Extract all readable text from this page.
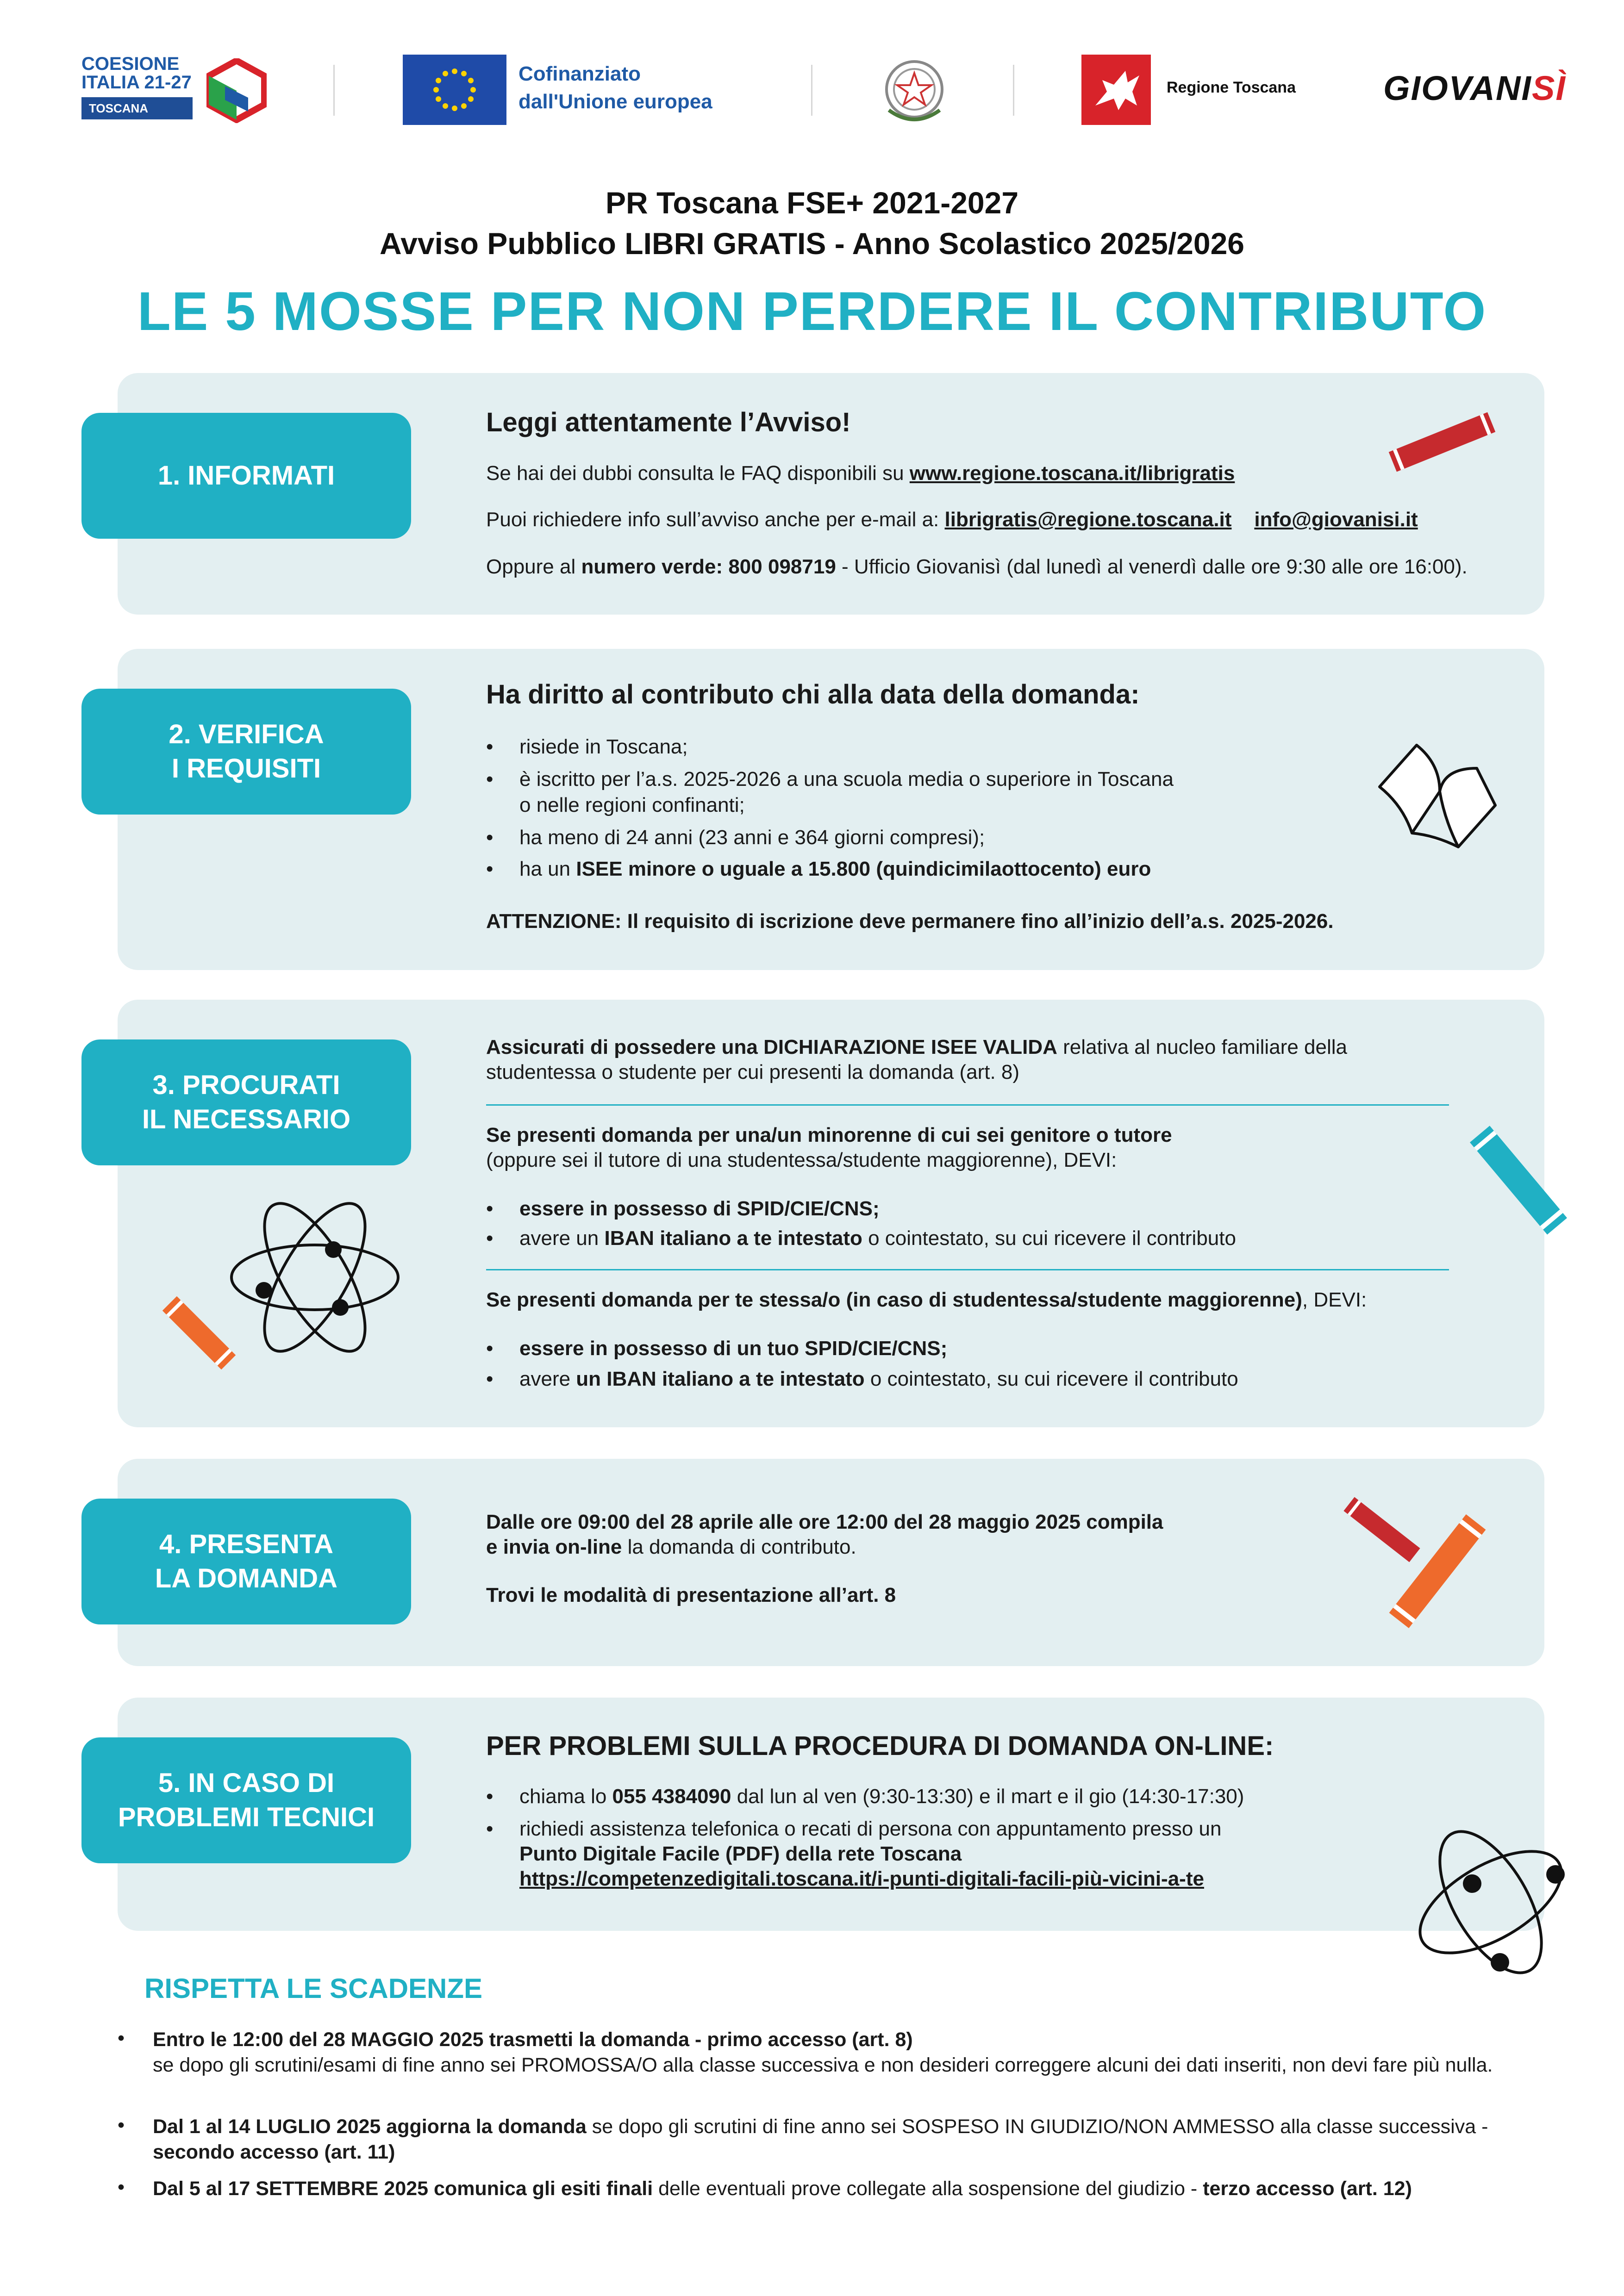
COESIONE
ITALIA 21-27
TOSCANA
Cofinanziato
dall'Unione europea
Regione Toscana	GIOVANISÌ
PR Toscana FSE+ 2021-2027
Avviso Pubblico LIBRI GRATIS - Anno Scolastico 2025/2026
LE 5 MOSSE PER NON PERDERE IL CONTRIBUTO
1. INFORMATI
Leggi attentamente l’Avviso!
Se hai dei dubbi consulta le FAQ disponibili su www.regione.toscana.it/librigratis
Puoi richiedere info sull’avviso anche per e-mail a: librigratis@regione.toscana.it info@giovanisi.it
Oppure al numero verde: 800 098719 - Ufficio Giovanisì (dal lunedì al venerdì dalle ore 9:30 alle ore 16:00).
2. VERIFICA
I REQUISITI
Ha diritto al contributo chi alla data della domanda:
• risiede in Toscana;
• è iscritto per l’a.s. 2025-2026 a una scuola media o superiore in Toscana
o nelle regioni confinanti;
• ha meno di 24 anni (23 anni e 364 giorni compresi);
• ha un ISEE minore o uguale a 15.800 (quindicimilaottocento) euro
ATTENZIONE: Il requisito di iscrizione deve permanere fino all’inizio dell’a.s. 2025-2026.
3. PROCURATI
IL NECESSARIO
Assicurati di possedere una DICHIARAZIONE ISEE VALIDA relativa al nucleo familiare della
studentessa o studente per cui presenti la domanda (art. 8)
Se presenti domanda per una/un minorenne di cui sei genitore o tutore
(oppure sei il tutore di una studentessa/studente maggiorenne), DEVI:
• essere in possesso di SPID/CIE/CNS;
• avere un IBAN italiano a te intestato o cointestato, su cui ricevere il contributo
Se presenti domanda per te stessa/o (in caso di studentessa/studente maggiorenne), DEVI:
• essere in possesso di un tuo SPID/CIE/CNS;
• avere un IBAN italiano a te intestato o cointestato, su cui ricevere il contributo
4. PRESENTA
LA DOMANDA
Dalle ore 09:00 del 28 aprile alle ore 12:00 del 28 maggio 2025 compila
e invia on-line la domanda di contributo.
Trovi le modalità di presentazione all’art. 8
5. IN CASO DI
PROBLEMI TECNICI
PER PROBLEMI SULLA PROCEDURA DI DOMANDA ON-LINE:
• chiama lo 055 4384090 dal lun al ven (9:30-13:30) e il mart e il gio (14:30-17:30)
• richiedi assistenza telefonica o recati di persona con appuntamento presso un
Punto Digitale Facile (PDF) della rete Toscana
https://competenzedigitali.toscana.it/i-punti-digitali-facili-più-vicini-a-te
RISPETTA LE SCADENZE
• Entro le 12:00 del 28 MAGGIO 2025 trasmetti la domanda - primo accesso (art. 8)
se dopo gli scrutini/esami di fine anno sei PROMOSSA/O alla classe successiva e non desideri correggere alcuni dei dati inseriti, non devi fare più nulla.
• Dal 1 al 14 LUGLIO 2025 aggiorna la domanda se dopo gli scrutini di fine anno sei SOSPESO IN GIUDIZIO/NON AMMESSO alla classe successiva - secondo accesso (art. 11)
• Dal 5 al 17 SETTEMBRE 2025 comunica gli esiti finali delle eventuali prove collegate alla sospensione del giudizio - terzo accesso (art. 12)
